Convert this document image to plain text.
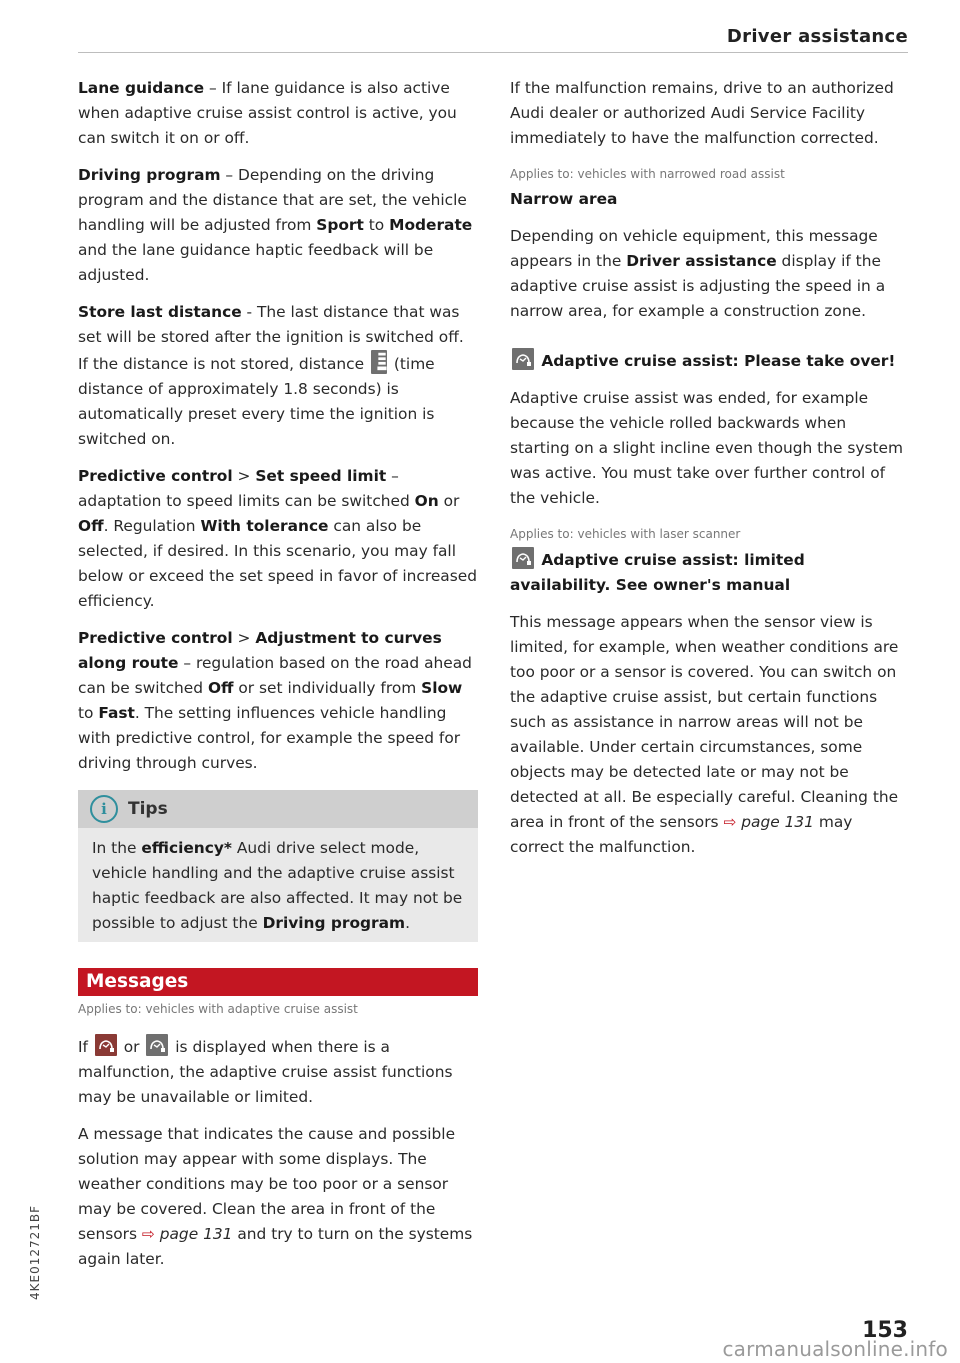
Driver assistance

Lane guidance – If lane guidance is also active when adaptive cruise assist control is active, you can switch it on or off.

Driving program – Depending on the driving program and the distance that are set, the vehicle handling will be adjusted from Sport to Moderate and the lane guidance haptic feedback will be adjusted.

Store last distance - The last distance that was set will be stored after the ignition is switched off. If the distance is not stored, distance
(time distance of approximately 1.8 seconds) is automatically preset every time the ignition is switched on.

Predictive control > Set speed limit – adaptation to speed limits can be switched On or Off. Regulation With tolerance can also be selected, if desired. In this scenario, you may fall below or exceed the set speed in favor of increased efficiency.

Predictive control > Adjustment to curves along route – regulation based on the road ahead can be switched Off or set individually from Slow to Fast. The setting influences vehicle handling with predictive control, for example the speed for driving through curves.

i	Tips
In the efficiency* Audi drive select mode, vehicle handling and the adaptive cruise assist haptic feedback are also affected. It may not be possible to adjust the Driving program.
Messages
Applies to: vehicles with adaptive cruise assist

If
or
is displayed when there is a malfunction, the adaptive cruise assist functions may be unavailable or limited.

A message that indicates the cause and possible solution may appear with some displays. The weather conditions may be too poor or a sensor may be covered. Clean the area in front of the sensors ⇨ page 131 and try to turn on the systems again later.

If the malfunction remains, drive to an authorized Audi dealer or authorized Audi Service Facility immediately to have the malfunction corrected.

Applies to: vehicles with narrowed road assist
Narrow area

Depending on vehicle equipment, this message appears in the Driver assistance display if the adaptive cruise assist is adjusting the speed in a narrow area, for example a construction zone.

Adaptive cruise assist: Please take over!

Adaptive cruise assist was ended, for example because the vehicle rolled backwards when starting on a slight incline even though the system was active. You must take over further control of the vehicle.

Applies to: vehicles with laser scanner
Adaptive cruise assist: limited availability. See owner's manual

This message appears when the sensor view is limited, for example, when weather conditions are too poor or a sensor is covered. You can switch on the adaptive cruise assist, but certain functions such as assistance in narrow areas will not be available. Under certain circumstances, some objects may be detected late or may not be detected at all. Be especially careful. Cleaning the area in front of the sensors ⇨ page 131 may correct the malfunction.

4KE012721BF
153
carmanualsonline.info
